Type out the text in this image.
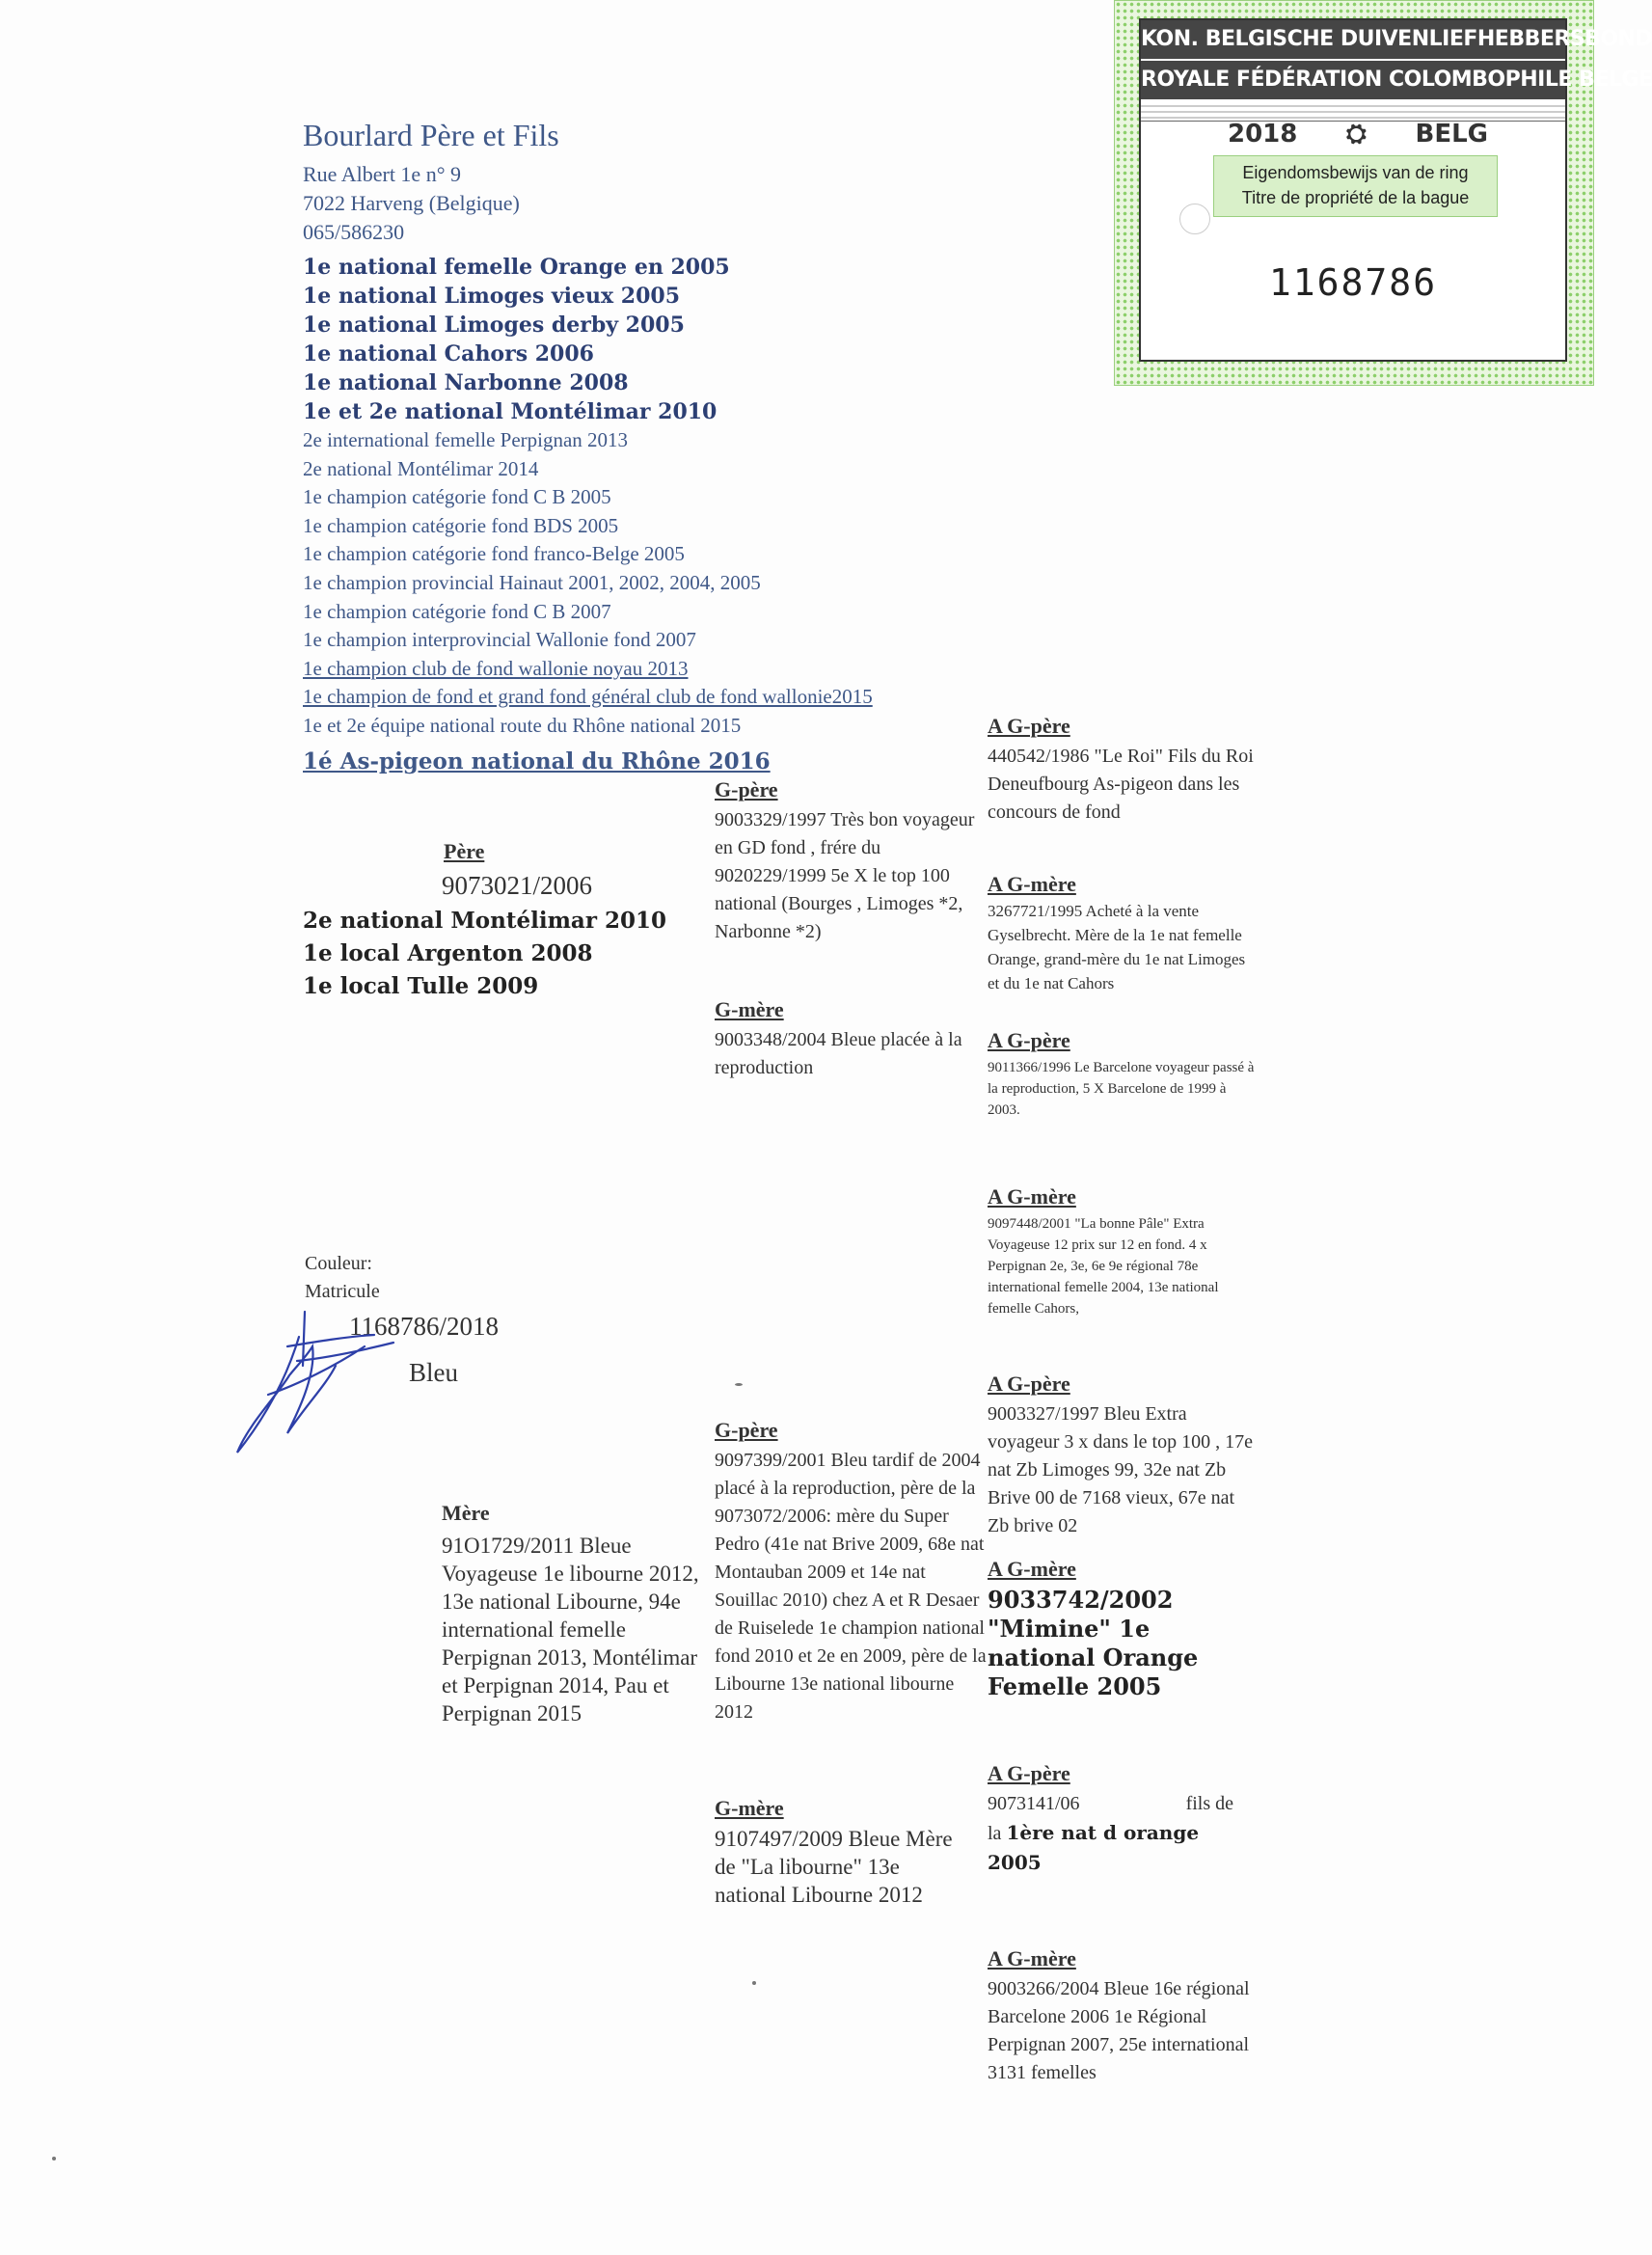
Bourlard Père et Fils
Rue Albert 1e n° 9
7022 Harveng (Belgique)
065/586230
1e national femelle Orange en 2005
1e national Limoges vieux 2005
1e national Limoges derby 2005
1e national Cahors 2006
1e national Narbonne 2008
1e et 2e national Montélimar 2010
2e international femelle Perpignan 2013
2e national Montélimar 2014
1e champion catégorie fond C B 2005
1e champion catégorie fond BDS 2005
1e champion catégorie fond franco-Belge 2005
1e champion provincial Hainaut 2001, 2002, 2004, 2005
1e champion catégorie fond C B 2007
1e champion interprovincial Wallonie fond 2007
1e champion club de fond wallonie noyau 2013
1e champion de fond et grand fond général club de fond wallonie2015
1e et 2e équipe national route du Rhône national 2015
1é As-pigeon national du Rhône 2016
KON. BELGISCHE DUIVENLIEFHEBBERSBOND
ROYALE FÉDÉRATION COLOMBOPHILE BELGE
2018 ⛭ BELG
Eigendomsbewijs van de ring
Titre de propriété de la bague
1168786
Père
9073021/2006
2e national Montélimar 2010
1e local Argenton 2008
1e local Tulle 2009
Couleur:
Matricule
1168786/2018
Bleu
Mère
91O1729/2011 Bleue Voyageuse 1e libourne 2012, 13e national Libourne, 94e international femelle Perpignan 2013, Montélimar et Perpignan 2014, Pau et Perpignan 2015
G-père
9003329/1997 Très bon voyageur en GD fond , frére du 9020229/1999 5e X le top 100 national (Bourges , Limoges *2, Narbonne *2)
G-mère
9003348/2004 Bleue placée à la reproduction
G-père
9097399/2001 Bleu tardif de 2004 placé à la reproduction, père de la 9073072/2006: mère du Super Pedro (41e nat Brive 2009, 68e nat Montauban 2009 et 14e nat Souillac 2010) chez A et R Desaer de Ruiselede 1e champion national fond 2010 et 2e en 2009, père de la Libourne 13e national libourne 2012
G-mère
9107497/2009 Bleue Mère de "La libourne" 13e national Libourne 2012
A G-père
440542/1986 "Le Roi" Fils du Roi Deneufbourg As-pigeon dans les concours de fond
A G-mère
3267721/1995 Acheté à la vente Gyselbrecht. Mère de la 1e nat femelle Orange, grand-mère du 1e nat Limoges et du 1e nat Cahors
A G-père
9011366/1996 Le Barcelone voyageur passé à la reproduction, 5 X Barcelone de 1999 à 2003.
A G-mère
9097448/2001 "La bonne Pâle" Extra Voyageuse 12 prix sur 12 en fond. 4 x Perpignan 2e, 3e, 6e 9e régional 78e international femelle 2004, 13e national femelle Cahors,
A G-père
9003327/1997 Bleu Extra voyageur 3 x dans le top 100 , 17e nat Zb Limoges 99, 32e nat Zb Brive 00 de 7168 vieux, 67e nat Zb brive 02
A G-mère
9033742/2002 "Mimine" 1e national Orange Femelle 2005
A G-père
9073141/06	fils de
la 1ère nat d orange 2005
A G-mère
9003266/2004 Bleue 16e régional Barcelone 2006 1e Régional Perpignan 2007, 25e international 3131 femelles
